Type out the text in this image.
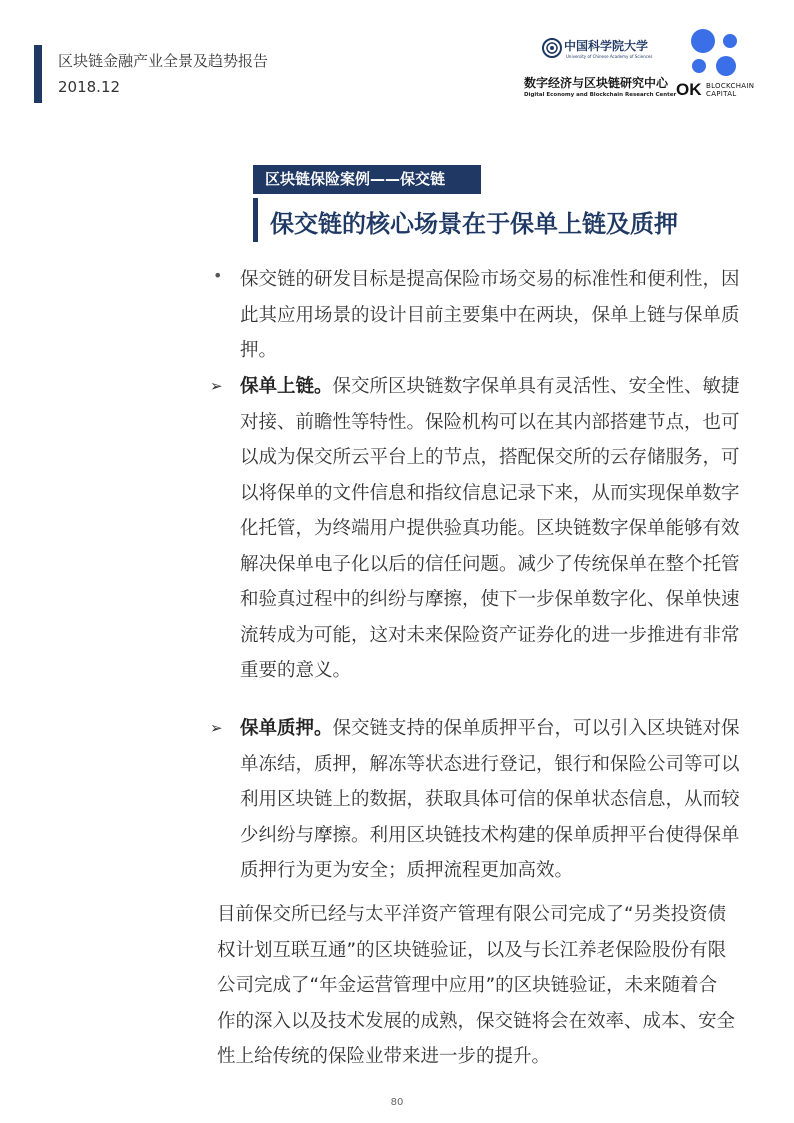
区块链金融产业全景及趋势报告
2018.12
中国科学院大学
University of Chinese Academy of Sciences
数字经济与区块链研究中心
Digital Economy and Blockchain Research Center OK BLOCKCHAIN
CAPITAL
区块链保险案例——保交链
保交链的核心场景在于保单上链及质押
• 保交链的研发目标是提高保险市场交易的标准性和便利性，因此其应用场景的设计目前主要集中在两块，保单上链与保单质押。
➢ 保单上链。保交所区块链数字保单具有灵活性、安全性、敏捷对接、前瞻性等特性。保险机构可以在其内部搭建节点，也可以成为保交所云平台上的节点，搭配保交所的云存储服务，可以将保单的文件信息和指纹信息记录下来，从而实现保单数字化托管，为终端用户提供验真功能。区块链数字保单能够有效解决保单电子化以后的信任问题。减少了传统保单在整个托管和验真过程中的纠纷与摩擦，使下一步保单数字化、保单快速流转成为可能，这对未来保险资产证券化的进一步推进有非常重要的意义。
➢ 保单质押。保交链支持的保单质押平台，可以引入区块链对保单冻结，质押，解冻等状态进行登记，银行和保险公司等可以利用区块链上的数据，获取具体可信的保单状态信息，从而较少纠纷与摩擦。利用区块链技术构建的保单质押平台使得保单质押行为更为安全；质押流程更加高效。
目前保交所已经与太平洋资产管理有限公司完成了“另类投资债权计划互联互通”的区块链验证，以及与长江养老保险股份有限公司完成了“年金运营管理中应用”的区块链验证，未来随着合作的深入以及技术发展的成熟，保交链将会在效率、成本、安全性上给传统的保险业带来进一步的提升。
80
